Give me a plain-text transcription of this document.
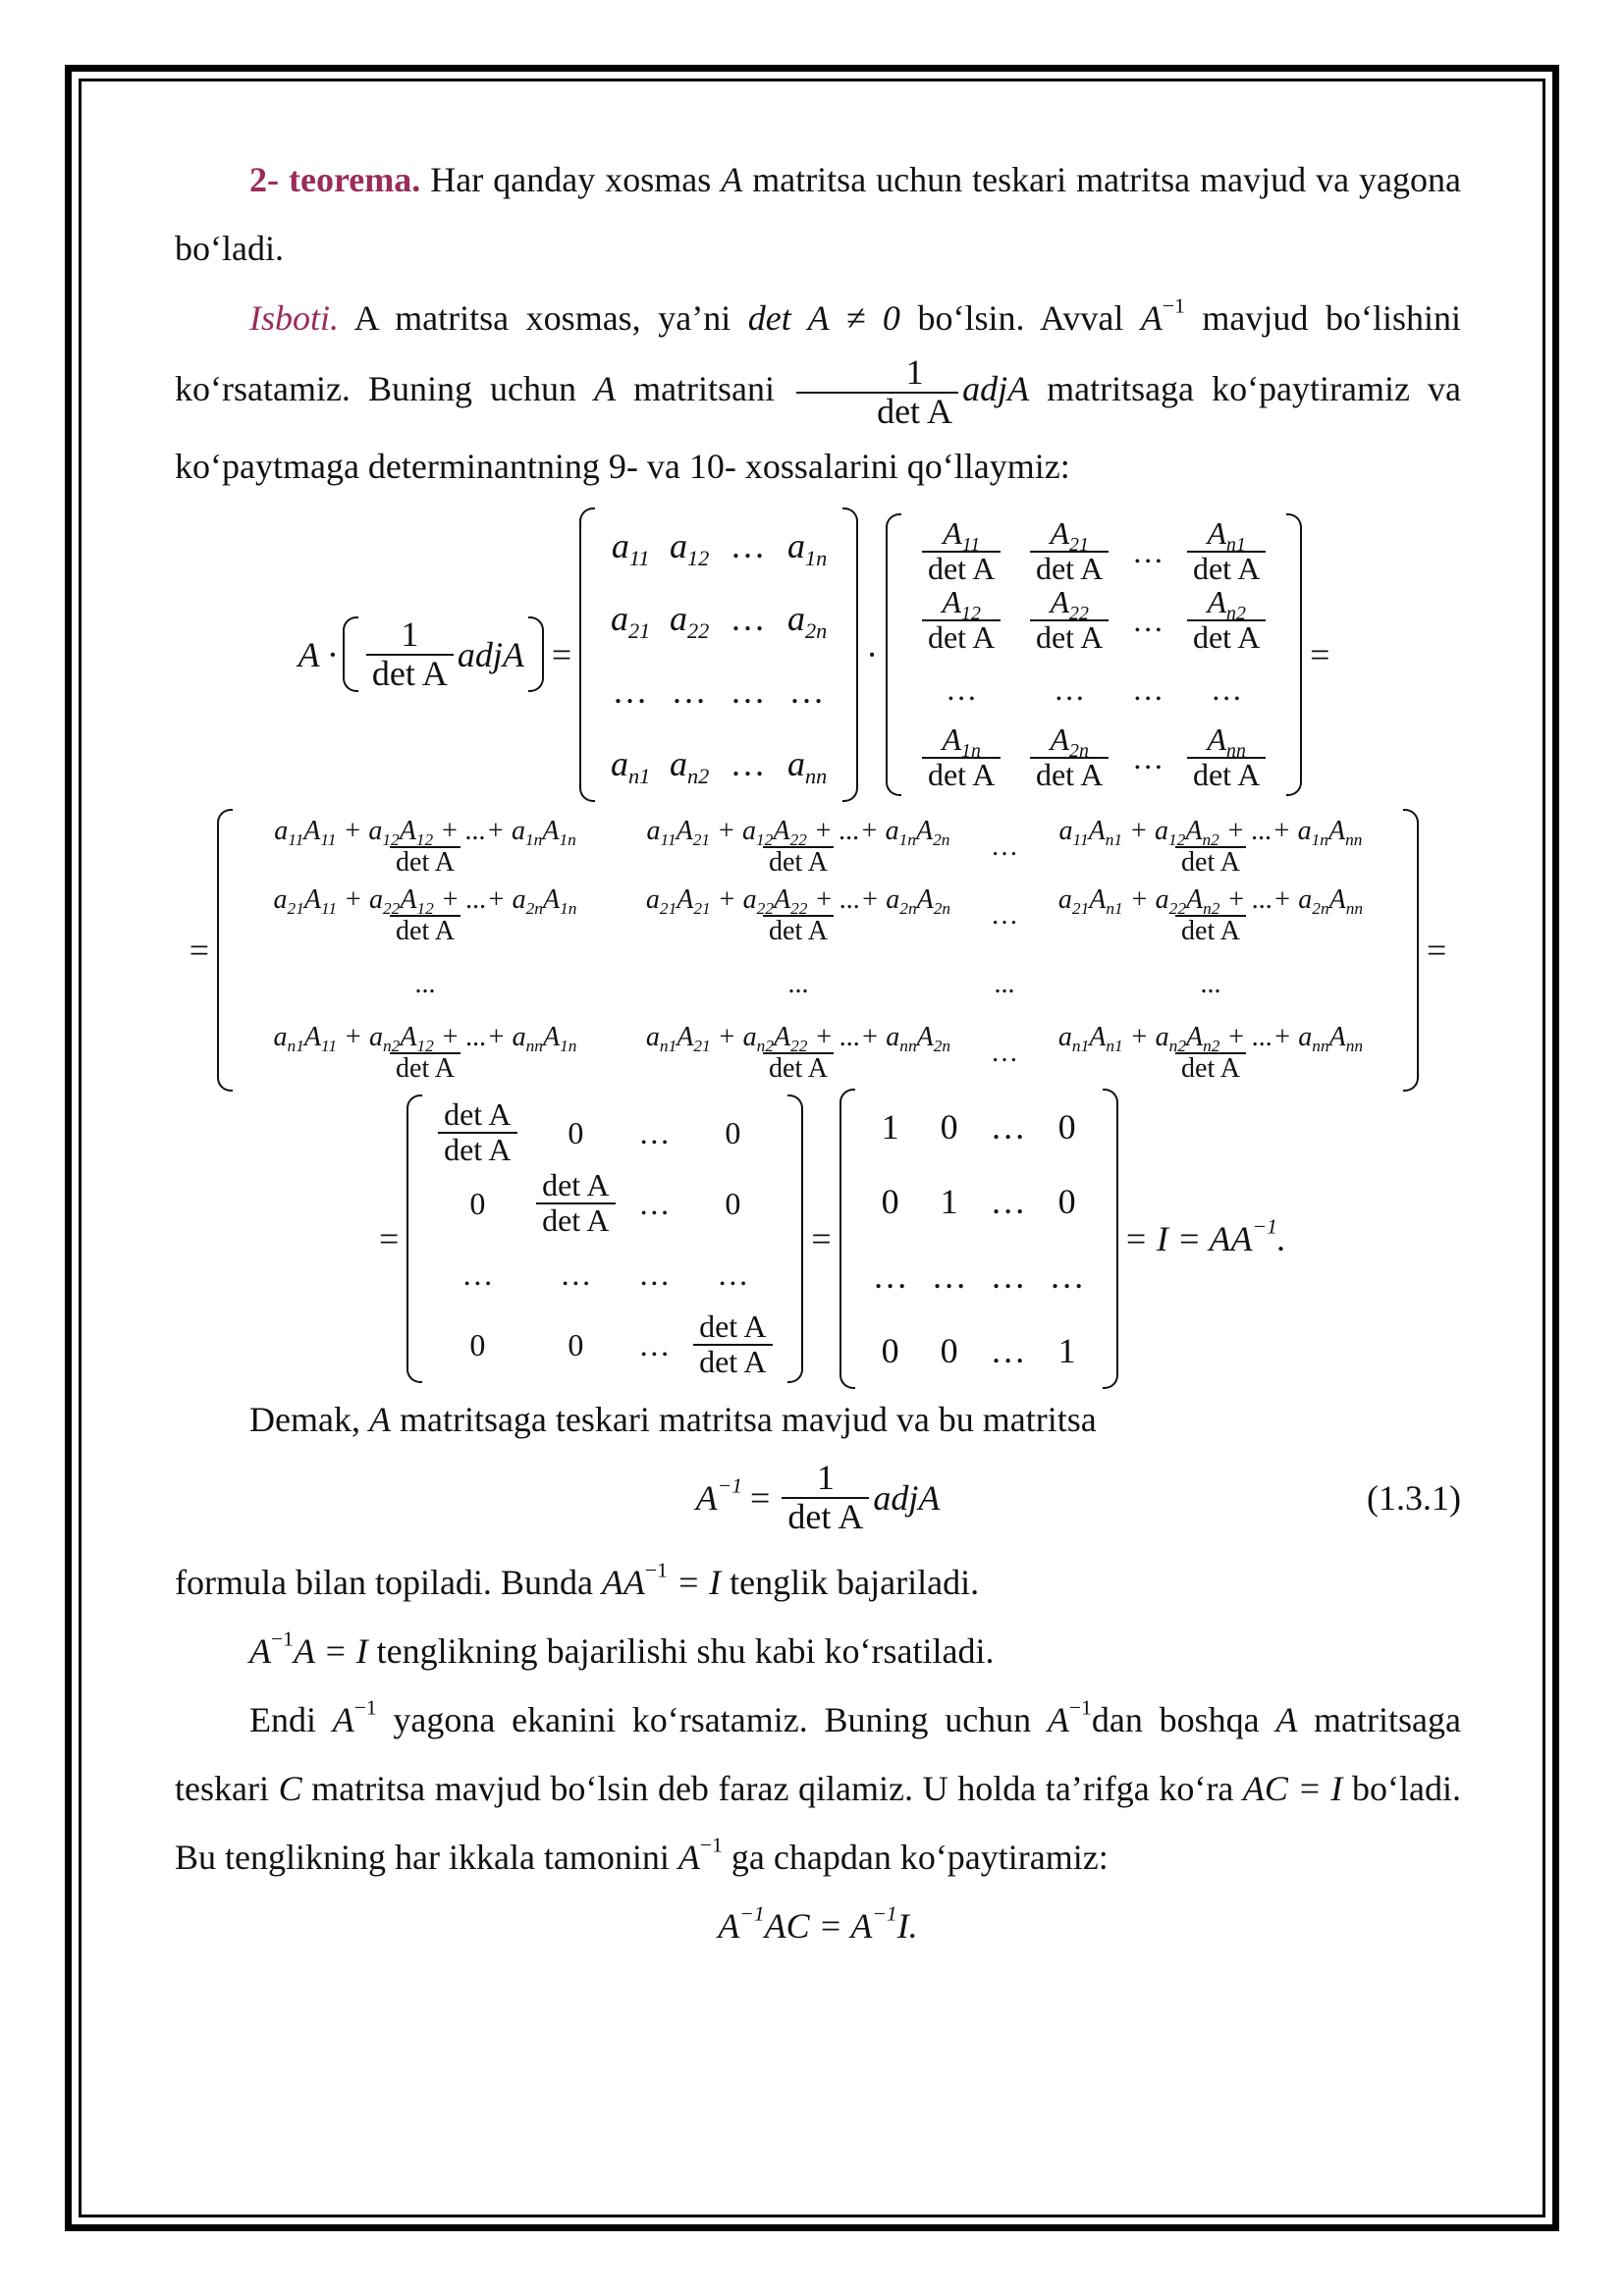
2- teorema. Har qanday xosmas A matritsa uchun teskari matritsa mavjud va yagona bo‘ladi.

Isboti. A matritsa xosmas, ya’ni det A ≠ 0 bo‘lsin. Avval $A^{-1}$ mavjud bo‘lishini ko‘rsatamiz. Buning uchun A matritsani $\frac{1}{\text{det A}}$ adjA matritsaga ko‘paytiramiz va ko‘paytmaga determinantning 9- va 10- xossalarini qo‘llaymiz:

$A \cdot \frac{1}{\text{det A}}$ adjA =
$a_{11}$ $a_{12}$ … $a_{1n}$
$a_{21}$ $a_{22}$ … $a_{2n}$
… … … …
$a_{n1}$ $a_{n2}$ … $a_{nn}$
·
$\frac{A_{11}}{\text{det A}} \frac{A_{21}}{\text{det A}}$ … $\frac{A_{n1}}{\text{det A}}$
$\frac{A_{12}}{\text{det A}} \frac{A_{22}}{\text{det A}}$ … $\frac{A_{n2}}{\text{det A}}$
… … … …
$\frac{A_{1n}}{\text{det A}} \frac{A_{2n}}{\text{det A}}$ … $\frac{A_{nn}}{\text{det A}}$
=
=
$\frac{a_{11}A_{11} + a_{12}A_{12} + ...+ a_{1n}A_{1n}}{\text{det A}} \frac{a_{11}A_{21} + a_{12}A_{22} + ...+ a_{1n}A_{2n}}{\text{det A}}$ … $\frac{a_{11}A_{n1} + a_{12}A_{n2} + ...+ a_{1n}A_{nn}}{\text{det A}}$
$\frac{a_{21}A_{11} + a_{22}A_{12} + ...+ a_{2n}A_{1n}}{\text{det A}} \frac{a_{21}A_{21} + a_{22}A_{22} + ...+ a_{2n}A_{2n}}{\text{det A}}$ … $\frac{a_{21}A_{n1} + a_{22}A_{n2} + ...+ a_{2n}A_{nn}}{\text{det A}}$
...	...	...	...
$\frac{a_{n1}A_{11} + a_{n2}A_{12} + ...+ a_{nn}A_{1n}}{\text{det A}} \frac{a_{n1}A_{21} + a_{n2}A_{22} + ...+ a_{nn}A_{2n}}{\text{det A}}$ … $\frac{a_{n1}A_{n1} + a_{n2}A_{n2} + ...+ a_{nn}A_{nn}}{\text{det A}}$
=
=
$\frac{\text{det A}}{\text{det A}} 0$ … 0
$0 \frac{\text{det A}}{\text{det A}}$ … 0
… … … …
0	0 … $\frac{\text{det A}}{\text{det A}}$
=
1 0 … 0
0 1 … 0
… … … …
0 0 … 1
= $I = AA^{-1}$.

Demak, A matritsaga teskari matritsa mavjud va bu matritsa

$A^{-1} = \frac{1}{\text{det A}}$ adjA	(1.3.1)

formula bilan topiladi. Bunda $AA^{-1} = I$ tenglik bajariladi.

$A^{-1}A = I$ tenglikning bajarilishi shu kabi ko‘rsatiladi.

Endi $A^{-1}$ yagona ekanini ko‘rsatamiz. Buning uchun $A^{-1}dan$ boshqa A matritsaga teskari C matritsa mavjud bo‘lsin deb faraz qilamiz. U holda ta’rifga ko‘ra AC = I bo‘ladi. Bu tenglikning har ikkala tamonini $A^{-1}$ ga chapdan ko‘paytiramiz:

$A^{-1}AC = A^{-1}I$.
